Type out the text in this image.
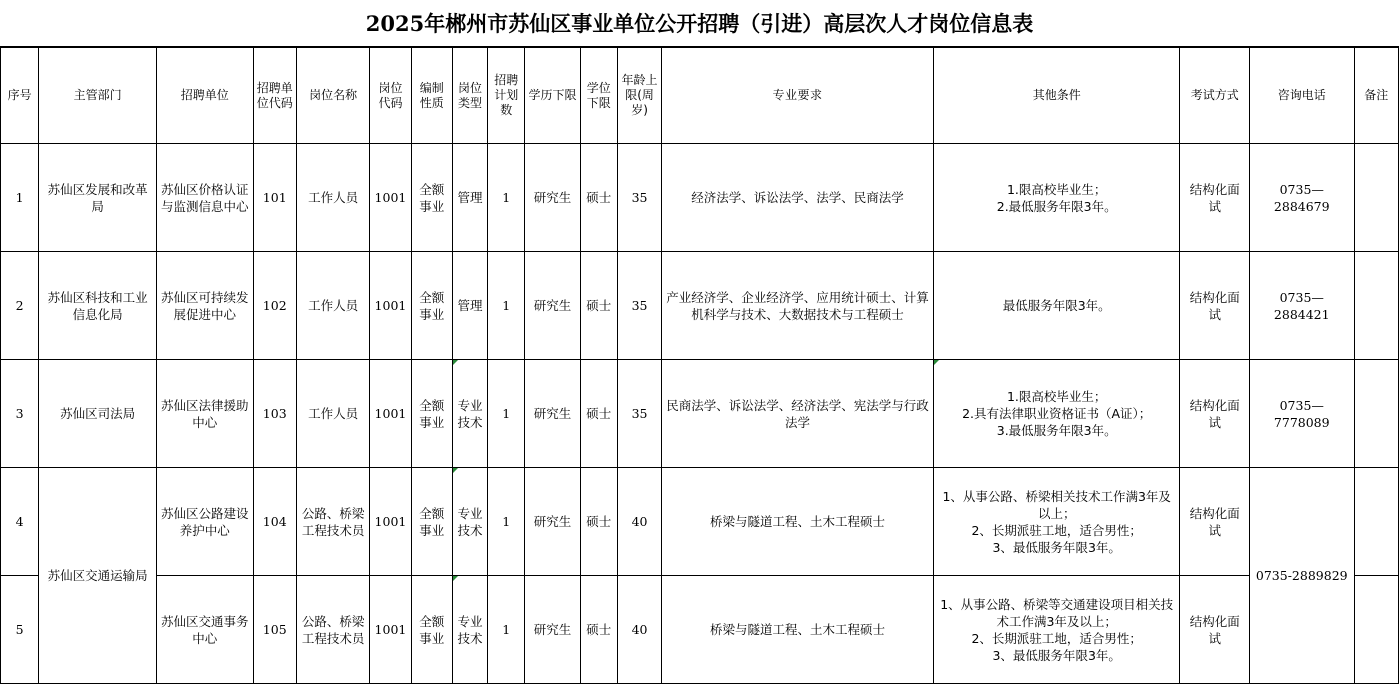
2025年郴州市苏仙区事业单位公开招聘（引进）高层次人才岗位信息表
序号	主管部门	招聘单位	招聘单位代码	岗位名称	岗位代码	编制性质	岗位类型	招聘计划数	学历下限	学位下限	年龄上限(周岁)	专业要求	其他条件	考试方式	咨询电话	备注
1	苏仙区发展和改革局	苏仙区价格认证与监测信息中心	101	工作人员	1001	全额事业	管理	1	研究生	硕士	35	经济法学、诉讼法学、法学、民商法学	1.限高校毕业生；
2.最低服务年限3年。	结构化面试	0735—2884679	
2	苏仙区科技和工业信息化局	苏仙区可持续发展促进中心	102	工作人员	1001	全额事业	管理	1	研究生	硕士	35	产业经济学、企业经济学、应用统计硕士、计算机科学与技术、大数据技术与工程硕士	最低服务年限3年。	结构化面试	0735—2884421	
3	苏仙区司法局	苏仙区法律援助中心	103	工作人员	1001	全额事业	专业技术	1	研究生	硕士	35	民商法学、诉讼法学、经济法学、宪法学与行政法学	1.限高校毕业生；
2.具有法律职业资格证书（A证）；
3.最低服务年限3年。	结构化面试	0735—7778089	
4	苏仙区交通运输局	苏仙区公路建设养护中心	104	公路、桥梁工程技术员	1001	全额事业	专业技术	1	研究生	硕士	40	桥梁与隧道工程、土木工程硕士	1、从事公路、桥梁相关技术工作满3年及以上；
2、长期派驻工地，适合男性；
3、最低服务年限3年。	结构化面试	0735-2889829	
5		苏仙区交通事务中心	105	公路、桥梁工程技术员	1001	全额事业	专业技术	1	研究生	硕士	40	桥梁与隧道工程、土木工程硕士	1、从事公路、桥梁等交通建设项目相关技术工作满3年及以上；
2、长期派驻工地，适合男性；
3、最低服务年限3年。	结构化面试		
